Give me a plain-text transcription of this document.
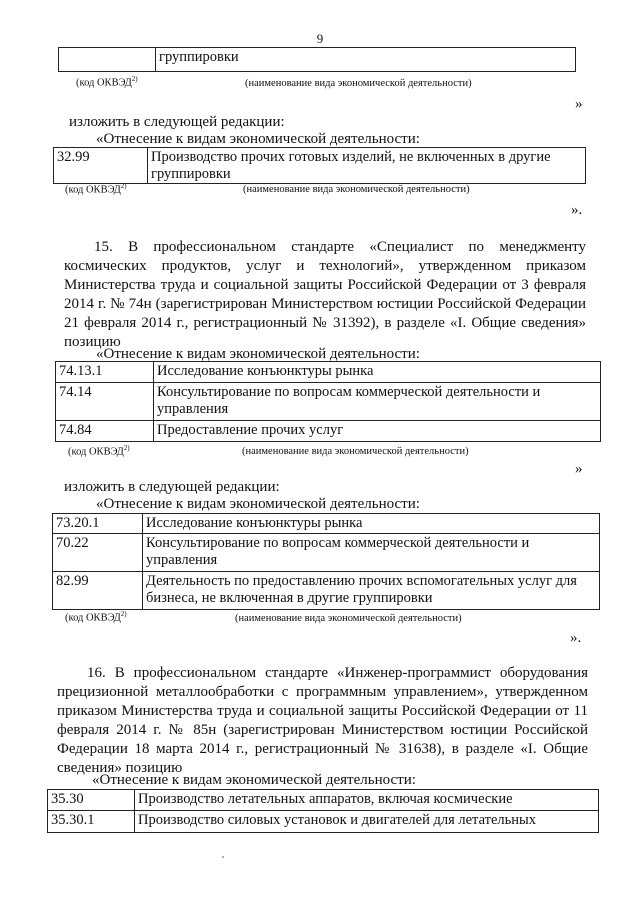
9
	группировки
(код ОКВЭД$^{2)}$	(наименование вида экономической деятельности)
»
изложить в следующей редакции:
«Отнесение к видам экономической деятельности:
32.99	Производство прочих готовых изделий, не включенных в другие группировки
(код ОКВЭД$^{2)}$	(наименование вида экономической деятельности)
».
15. В профессиональном стандарте «Специалист по менеджменту космических продуктов, услуг и технологий», утвержденном приказом Министерства труда и социальной защиты Российской Федерации от 3 февраля 2014 г. № 74н (зарегистрирован Министерством юстиции Российской Федерации 21 февраля 2014 г., регистрационный № 31392), в разделе «I. Общие сведения» позицию
«Отнесение к видам экономической деятельности:
74.13.1	Исследование конъюнктуры рынка
74.14	Консультирование по вопросам коммерческой деятельности и управления
74.84	Предоставление прочих услуг
(код ОКВЭД$^{2)}$	(наименование вида экономической деятельности)
»
изложить в следующей редакции:
«Отнесение к видам экономической деятельности:
73.20.1	Исследование конъюнктуры рынка
70.22	Консультирование по вопросам коммерческой деятельности и управления
82.99	Деятельность по предоставлению прочих вспомогательных услуг для бизнеса, не включенная в другие группировки
(код ОКВЭД$^{2)}$	(наименование вида экономической деятельности)
».
16. В профессиональном стандарте «Инженер-программист оборудования прецизионной металлообработки с программным управлением», утвержденном приказом Министерства труда и социальной защиты Российской Федерации от 11 февраля 2014 г. № 85н (зарегистрирован Министерством юстиции Российской Федерации 18 марта 2014 г., регистрационный № 31638), в разделе «I. Общие сведения» позицию
«Отнесение к видам экономической деятельности:
35.30	Производство летательных аппаратов, включая космические
35.30.1	Производство силовых установок и двигателей для летательных
